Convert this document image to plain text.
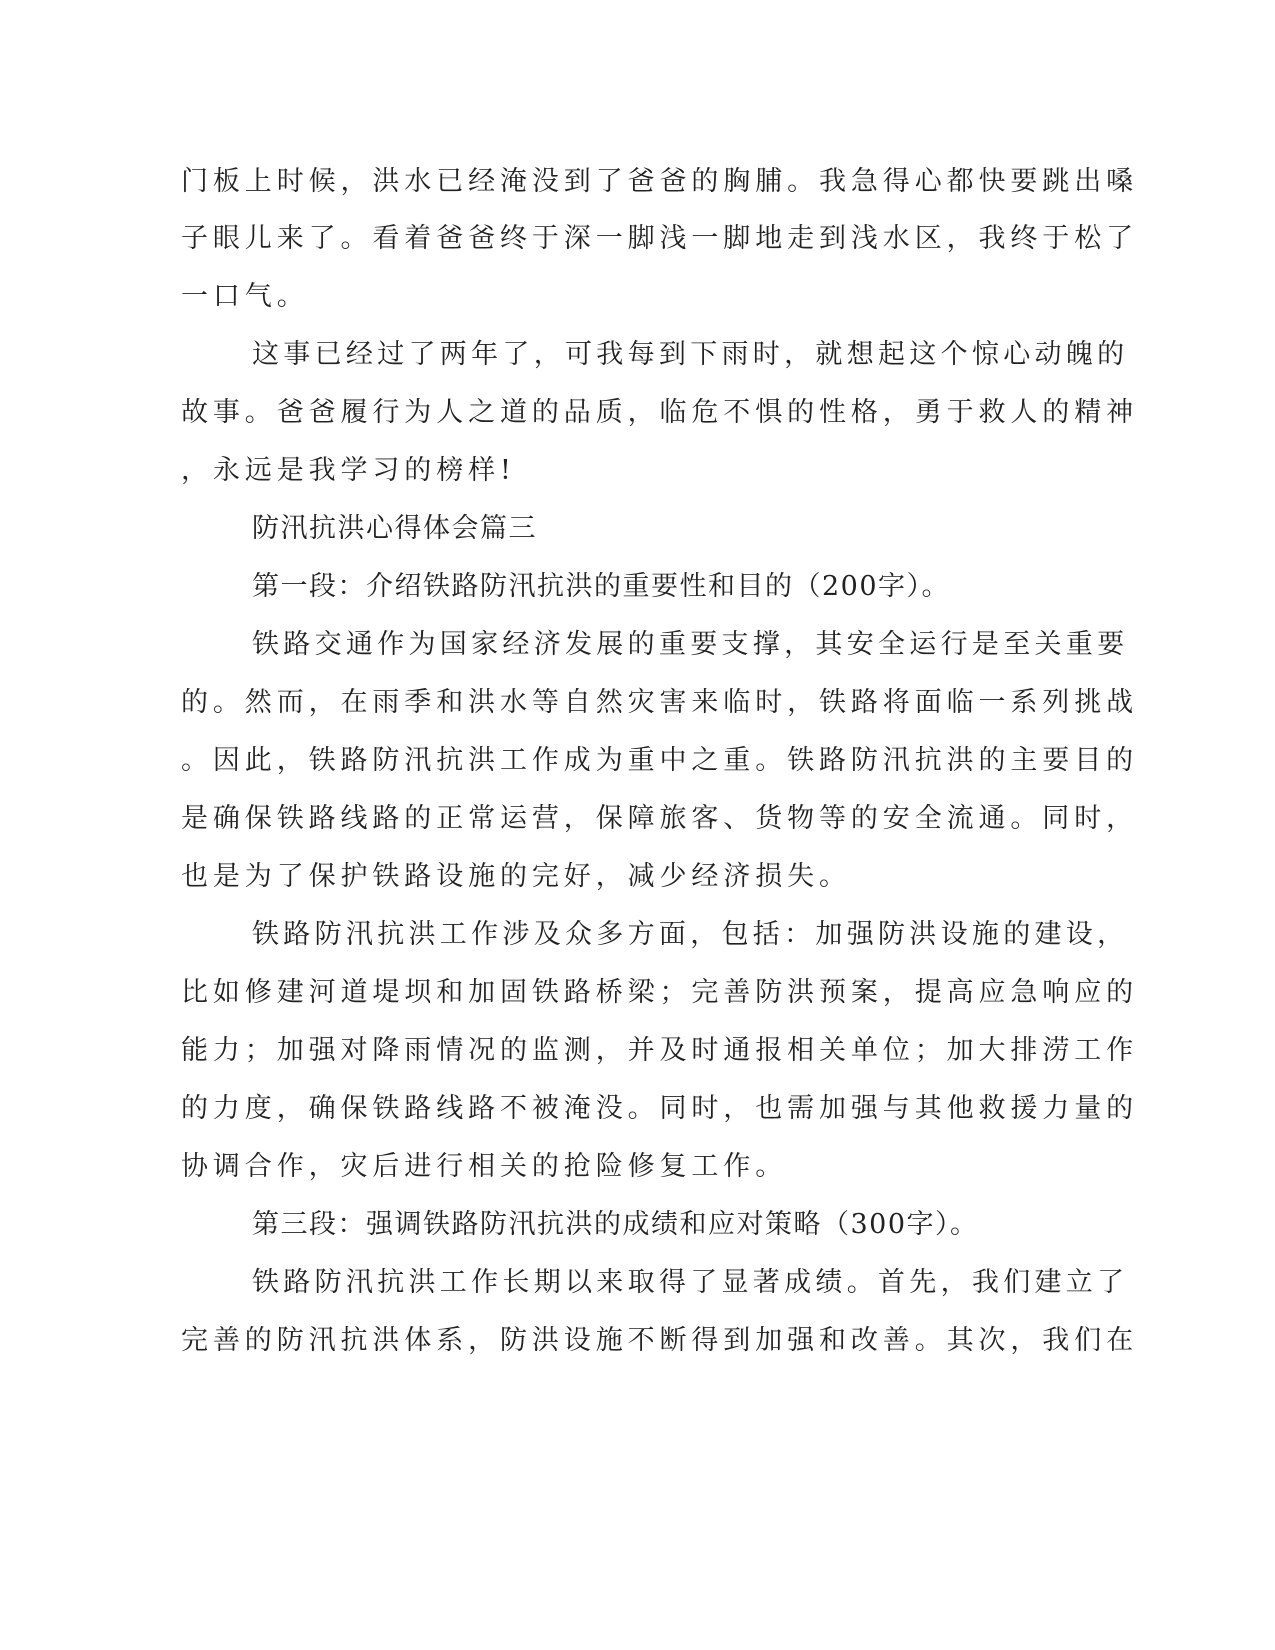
门板上时候，洪水已经淹没到了爸爸的胸脯。我急得心都快要跳出嗓
子眼儿来了。看着爸爸终于深一脚浅一脚地走到浅水区，我终于松了
一口气。
这事已经过了两年了，可我每到下雨时，就想起这个惊心动魄的
故事。爸爸履行为人之道的品质，临危不惧的性格，勇于救人的精神
，永远是我学习的榜样!
防汛抗洪心得体会篇三
第一段：介绍铁路防汛抗洪的重要性和目的（200字）。
铁路交通作为国家经济发展的重要支撑，其安全运行是至关重要
的。然而，在雨季和洪水等自然灾害来临时，铁路将面临一系列挑战
。因此，铁路防汛抗洪工作成为重中之重。铁路防汛抗洪的主要目的
是确保铁路线路的正常运营，保障旅客、货物等的安全流通。同时，
也是为了保护铁路设施的完好，减少经济损失。
铁路防汛抗洪工作涉及众多方面，包括：加强防洪设施的建设，
比如修建河道堤坝和加固铁路桥梁；完善防洪预案，提高应急响应的
能力；加强对降雨情况的监测，并及时通报相关单位；加大排涝工作
的力度，确保铁路线路不被淹没。同时，也需加强与其他救援力量的
协调合作，灾后进行相关的抢险修复工作。
第三段：强调铁路防汛抗洪的成绩和应对策略（300字）。
铁路防汛抗洪工作长期以来取得了显著成绩。首先，我们建立了
完善的防汛抗洪体系，防洪设施不断得到加强和改善。其次，我们在
